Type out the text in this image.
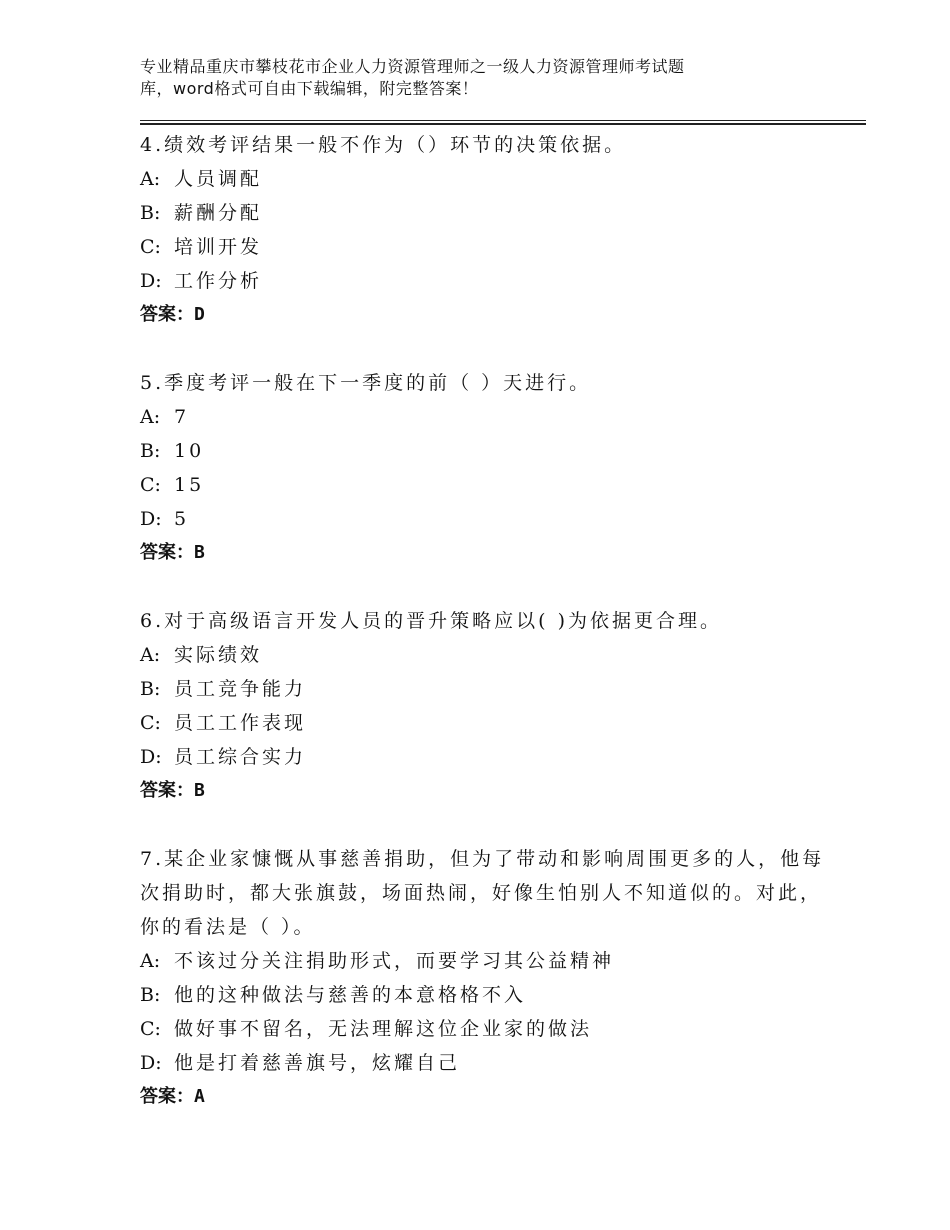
专业精品重庆市攀枝花市企业人力资源管理师之一级人力资源管理师考试题
库，word格式可自由下载编辑，附完整答案！

4.绩效考评结果一般不作为（）环节的决策依据。

A: 人员调配

B: 薪酬分配

C: 培训开发

D: 工作分析

答案：D

5.季度考评一般在下一季度的前（ ）天进行。

A: 7

B: 10

C: 15

D: 5

答案：B

6.对于高级语言开发人员的晋升策略应以( )为依据更合理。

A: 实际绩效

B: 员工竞争能力

C: 员工工作表现

D: 员工综合实力

答案：B

7.某企业家慷慨从事慈善捐助，但为了带动和影响周围更多的人，他每次捐助时，都大张旗鼓，场面热闹，好像生怕别人不知道似的。对此，你的看法是（ ）。

A: 不该过分关注捐助形式，而要学习其公益精神

B: 他的这种做法与慈善的本意格格不入

C: 做好事不留名，无法理解这位企业家的做法

D: 他是打着慈善旗号，炫耀自己

答案：A
